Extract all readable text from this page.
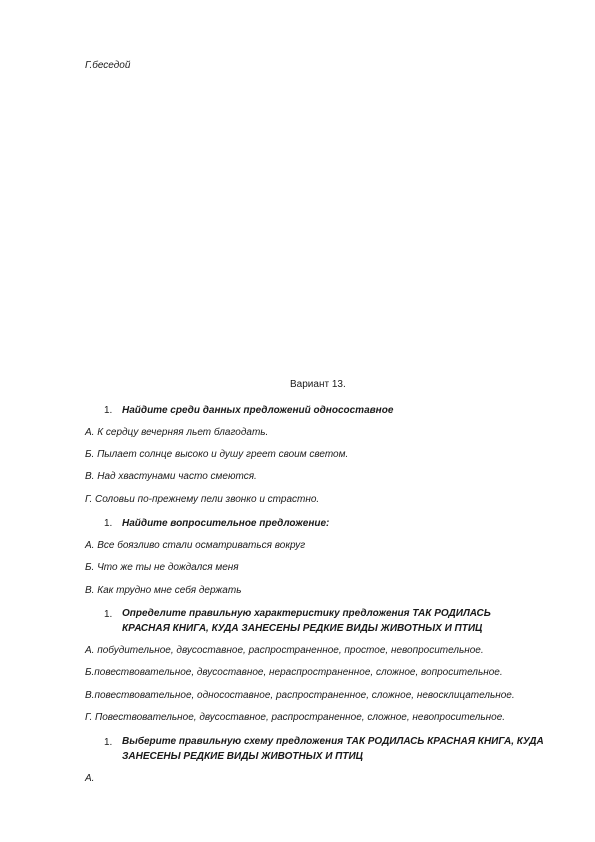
Г.беседой
Вариант 13.
1. Найдите среди данных предложений односоставное
А. К сердцу вечерняя льет благодать.
Б. Пылает солнце высоко и душу греет своим светом.
В. Над хвастунами часто смеются.
Г. Соловьи по-прежнему пели звонко и страстно.
1. Найдите вопросительное предложение:
А. Все боязливо стали осматриваться вокруг
Б. Что же ты не дождался меня
В. Как трудно мне себя держать
1. Определите правильную характеристику предложения ТАК РОДИЛАСЬ КРАСНАЯ КНИГА, КУДА ЗАНЕСЕНЫ РЕДКИЕ ВИДЫ ЖИВОТНЫХ И ПТИЦ
А. побудительное, двусоставное, распространенное, простое, невопросительное.
Б.повествовательное, двусоставное, нераспространенное, сложное, вопросительное.
В.повествовательное, односоставное, распространенное, сложное, невосклицательное.
Г. Повествовательное, двусоставное, распространенное, сложное, невопросительное.
1. Выберите правильную схему предложения ТАК РОДИЛАСЬ КРАСНАЯ КНИГА, КУДА ЗАНЕСЕНЫ РЕДКИЕ ВИДЫ ЖИВОТНЫХ И ПТИЦ
А.
